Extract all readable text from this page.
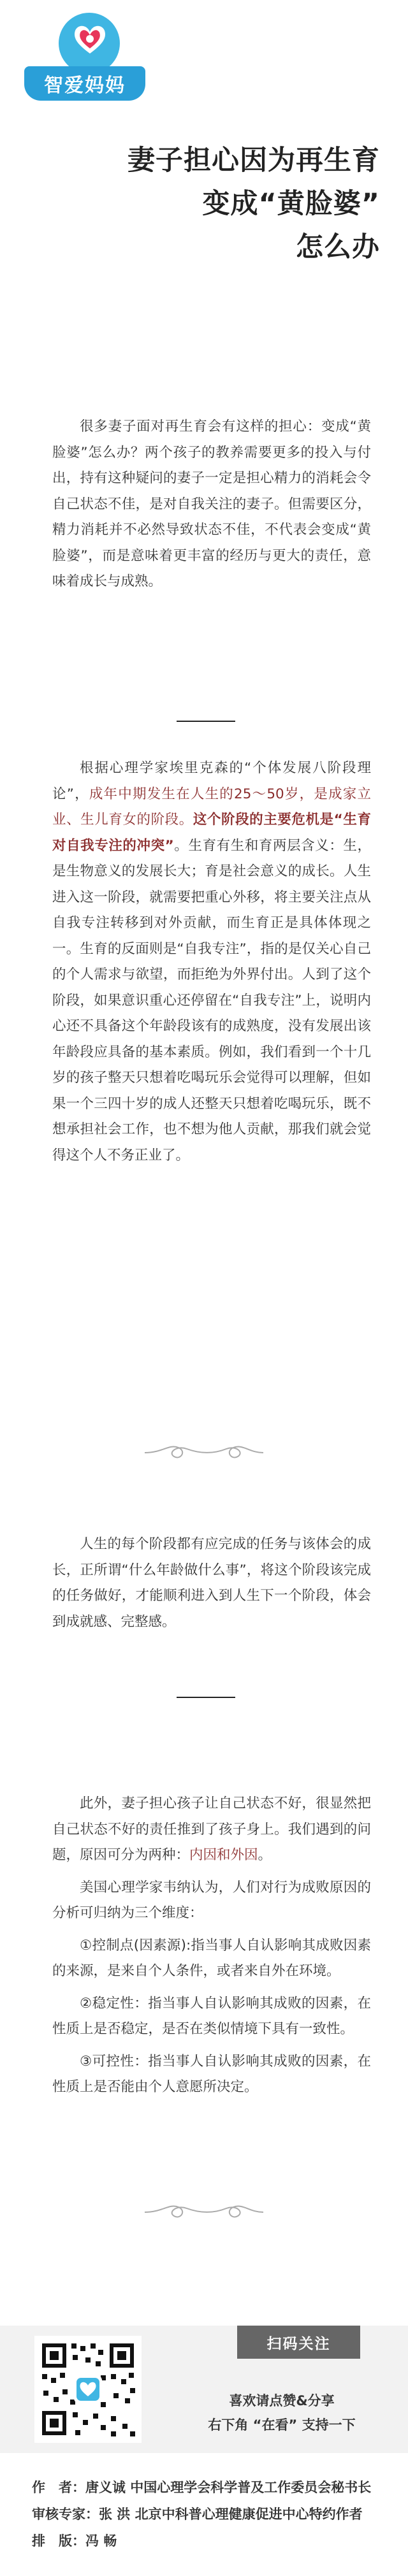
智爱妈妈
妻子担心因为再生育
变成“黄脸婆”
怎么办

很多妻子面对再生育会有这样的担心：变成“黄脸婆”怎么办？两个孩子的教养需要更多的投入与付出，持有这种疑问的妻子一定是担心精力的消耗会令自己状态不佳，是对自我关注的妻子。但需要区分，精力消耗并不必然导致状态不佳，不代表会变成“黄脸婆”，而是意味着更丰富的经历与更大的责任，意味着成长与成熟。

根据心理学家埃里克森的“个体发展八阶段理论”，成年中期发生在人生的25～50岁，是成家立业、生儿育女的阶段。这个阶段的主要危机是“生育对自我专注的冲突”。生育有生和育两层含义：生，是生物意义的发展长大；育是社会意义的成长。人生进入这一阶段，就需要把重心外移，将主要关注点从自我专注转移到对外贡献，而生育正是具体体现之一。生育的反面则是“自我专注”，指的是仅关心自己的个人需求与欲望，而拒绝为外界付出。人到了这个阶段，如果意识重心还停留在“自我专注”上，说明内心还不具备这个年龄段该有的成熟度，没有发展出该年龄段应具备的基本素质。例如，我们看到一个十几岁的孩子整天只想着吃喝玩乐会觉得可以理解，但如果一个三四十岁的成人还整天只想着吃喝玩乐，既不想承担社会工作，也不想为他人贡献，那我们就会觉得这个人不务正业了。

人生的每个阶段都有应完成的任务与该体会的成长，正所谓“什么年龄做什么事”，将这个阶段该完成的任务做好，才能顺利进入到人生下一个阶段，体会到成就感、完整感。

此外，妻子担心孩子让自己状态不好，很显然把自己状态不好的责任推到了孩子身上。我们遇到的问题，原因可分为两种：内因和外因。

美国心理学家韦纳认为，人们对行为成败原因的分析可归纳为三个维度：

①控制点(因素源):指当事人自认影响其成败因素的来源，是来自个人条件，或者来自外在环境。

②稳定性：指当事人自认影响其成败的因素，在性质上是否稳定，是否在类似情境下具有一致性。

③可控性：指当事人自认影响其成败的因素，在性质上是否能由个人意愿所决定。

扫码关注
喜欢请点赞&分享
右下角 “在看” 支持一下

作　者：唐义诚 中国心理学会科学普及工作委员会秘书长

审核专家：张 洪 北京中科普心理健康促进中心特约作者

排　版：冯 畅
